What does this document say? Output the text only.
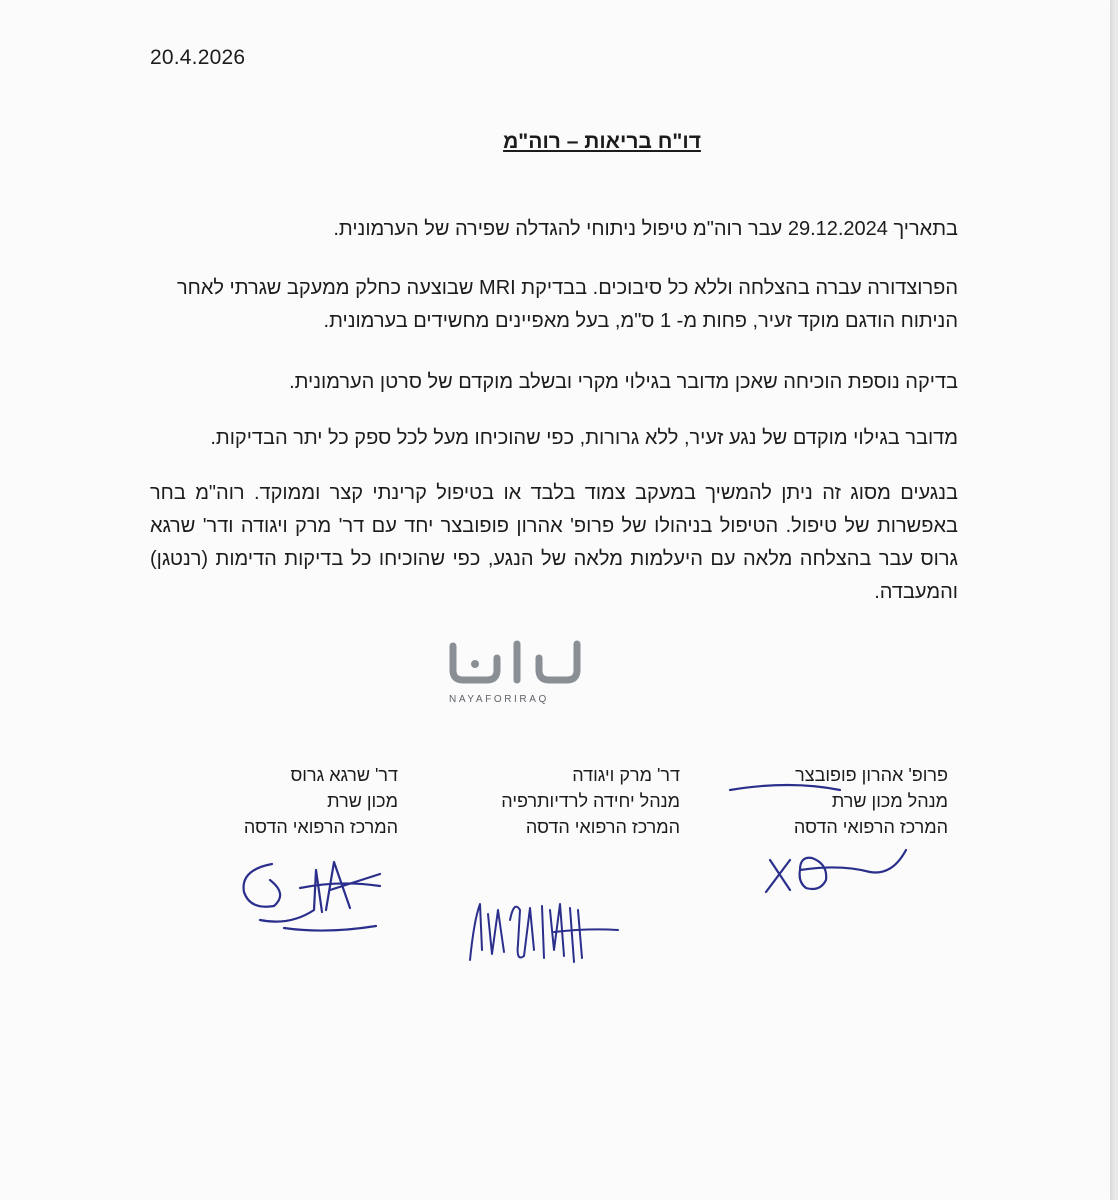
20.4.2026
דו"ח בריאות – רוה"מ
בתאריך 29.12.2024 עבר רוה"מ טיפול ניתוחי להגדלה שפירה של הערמונית.
הפרוצדורה עברה בהצלחה וללא כל סיבוכים. בבדיקת MRI שבוצעה כחלק ממעקב שגרתי לאחר הניתוח הודגם מוקד זעיר, פחות מ- 1 ס"מ, בעל מאפיינים מחשידים בערמונית.
בדיקה נוספת הוכיחה שאכן מדובר בגילוי מקרי ובשלב מוקדם של סרטן הערמונית.
מדובר בגילוי מוקדם של נגע זעיר, ללא גרורות, כפי שהוכיחו מעל לכל ספק כל יתר הבדיקות.
בנגעים מסוג זה ניתן להמשיך במעקב צמוד בלבד או בטיפול קרינתי קצר וממוקד. רוה"מ בחר באפשרות של טיפול. הטיפול בניהולו של פרופ' אהרון פופובצר יחד עם דר' מרק ויגודה ודר' שרגא גרוס עבר בהצלחה מלאה עם היעלמות מלאה של הנגע, כפי שהוכיחו כל בדיקות הדימות (רנטגן) והמעבדה.
NAYAFORIRAQ
פרופ' אהרון פופובצר
מנהל מכון שרת
המרכז הרפואי הדסה
דר' מרק ויגודה
מנהל יחידה לרדיותרפיה
המרכז הרפואי הדסה
דר' שרגא גרוס
מכון שרת
המרכז הרפואי הדסה
